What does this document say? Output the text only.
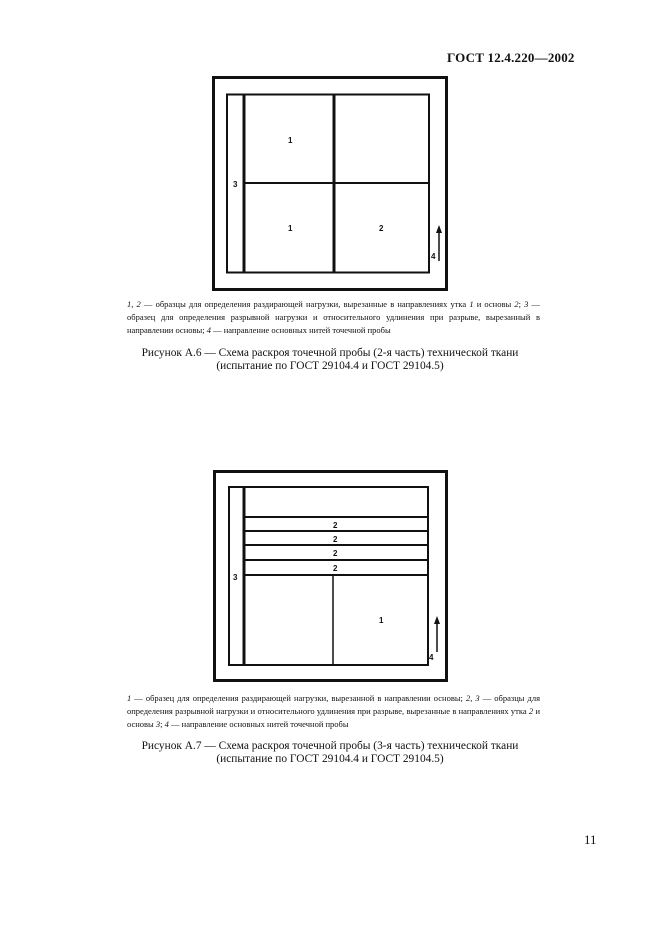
ГОСТ 12.4.220—2002
1
1	2
3
4
1, 2 — образцы для определения раздирающей нагрузки, вырезанные в направлениях утка 1 и основы 2; 3 — образец для определения разрывной нагрузки и относительного удлинения при разрыве, вырезанный в направлении основы; 4 — направление основных нитей точечной пробы
Рисунок А.6 — Схема раскроя точечной пробы (2-я часть) технической ткани
(испытание по ГОСТ 29104.4 и ГОСТ 29104.5)
2
2
2
2
1
3
4
1 — образец для определения раздирающей нагрузки, вырезанной в направлении основы; 2, 3 — образцы для определения разрывной нагрузки и относительного удлинения при разрыве, вырезанные в направлениях утка 2 и основы 3; 4 — направление основных нитей точечной пробы
Рисунок А.7 — Схема раскроя точечной пробы (3-я часть) технической ткани
(испытание по ГОСТ 29104.4 и ГОСТ 29104.5)
11
